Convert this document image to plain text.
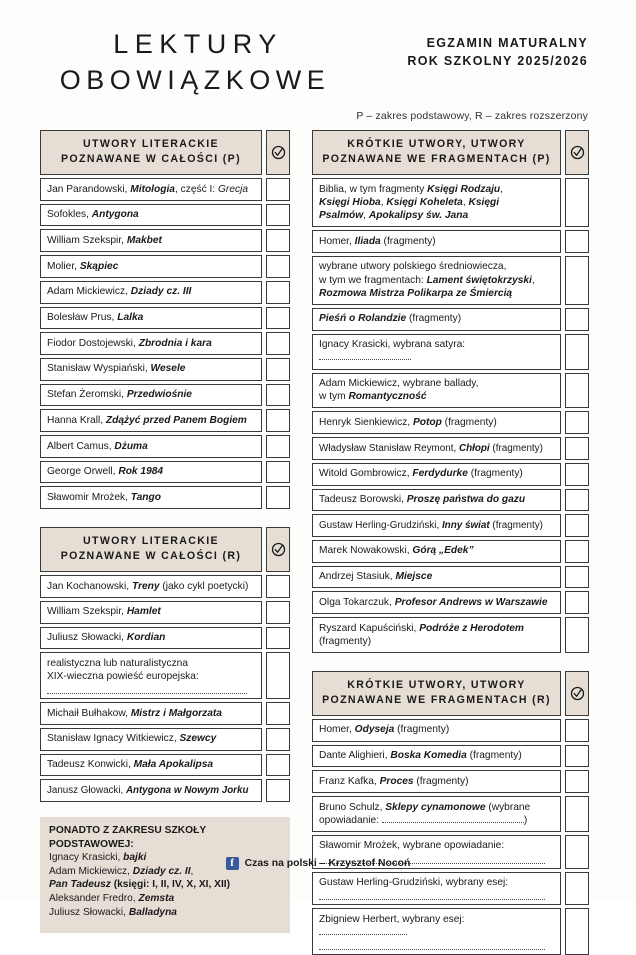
LEKTURY
OBOWIĄZKOWE
EGZAMIN MATURALNY
ROK SZKOLNY 2025/2026
P – zakres podstawowy, R – zakres rozszerzony
UTWORY LITERACKIE POZNAWANE W CAŁOŚCI (P)
Jan Parandowski, Mitologia, część I: Grecja
Sofokles, Antygona
William Szekspir, Makbet
Molier, Skąpiec
Adam Mickiewicz, Dziady cz. III
Bolesław Prus, Lalka
Fiodor Dostojewski, Zbrodnia i kara
Stanisław Wyspiański, Wesele
Stefan Żeromski, Przedwiośnie
Hanna Krall, Zdążyć przed Panem Bogiem
Albert Camus, Dżuma
George Orwell, Rok 1984
Sławomir Mrożek, Tango
UTWORY LITERACKIE POZNAWANE W CAŁOŚCI (R)
Jan Kochanowski, Treny (jako cykl poetycki)
William Szekspir, Hamlet
Juliusz Słowacki, Kordian
realistyczna lub naturalistyczna
XIX-wieczna powieść europejska:
Michaił Bułhakow, Mistrz i Małgorzata
Stanisław Ignacy Witkiewicz, Szewcy
Tadeusz Konwicki, Mała Apokalipsa
Janusz Głowacki, Antygona w Nowym Jorku
PONADTO Z ZAKRESU SZKOŁY PODSTAWOWEJ:
Ignacy Krasicki, bajki
Adam Mickiewicz, Dziady cz. II,
Pan Tadeusz (księgi: I, II, IV, X, XI, XII)
Aleksander Fredro, Zemsta
Juliusz Słowacki, Balladyna
KRÓTKIE UTWORY, UTWORY POZNAWANE WE FRAGMENTACH (P)
Biblia, w tym fragmenty Księgi Rodzaju,
Księgi Hioba, Księgi Koheleta, Księgi
Psalmów, Apokalipsy św. Jana
Homer, Iliada (fragmenty)
wybrane utwory polskiego średniowiecza,
w tym we fragmentach: Lament świętokrzyski,
Rozmowa Mistrza Polikarpa ze Śmiercią
Pieśń o Rolandzie (fragmenty)
Ignacy Krasicki, wybrana satyra:
Adam Mickiewicz, wybrane ballady,
w tym Romantyczność
Henryk Sienkiewicz, Potop (fragmenty)
Władysław Stanisław Reymont, Chłopi (fragmenty)
Witold Gombrowicz, Ferdydurke (fragmenty)
Tadeusz Borowski, Proszę państwa do gazu
Gustaw Herling-Grudziński, Inny świat (fragmenty)
Marek Nowakowski, Górą „Edek”
Andrzej Stasiuk, Miejsce
Olga Tokarczuk, Profesor Andrews w Warszawie
Ryszard Kapuściński, Podróże z Herodotem
(fragmenty)
KRÓTKIE UTWORY, UTWORY POZNAWANE WE FRAGMENTACH (R)
Homer, Odyseja (fragmenty)
Dante Alighieri, Boska Komedia (fragmenty)
Franz Kafka, Proces (fragmenty)
Bruno Schulz, Sklepy cynamonowe (wybrane
opowiadanie:	)
Sławomir Mrożek, wybrane opowiadanie:
Gustaw Herling-Grudziński, wybrany esej:
Zbigniew Herbert, wybrany esej:
f	Czas na polski – Krzysztof Nocoń
